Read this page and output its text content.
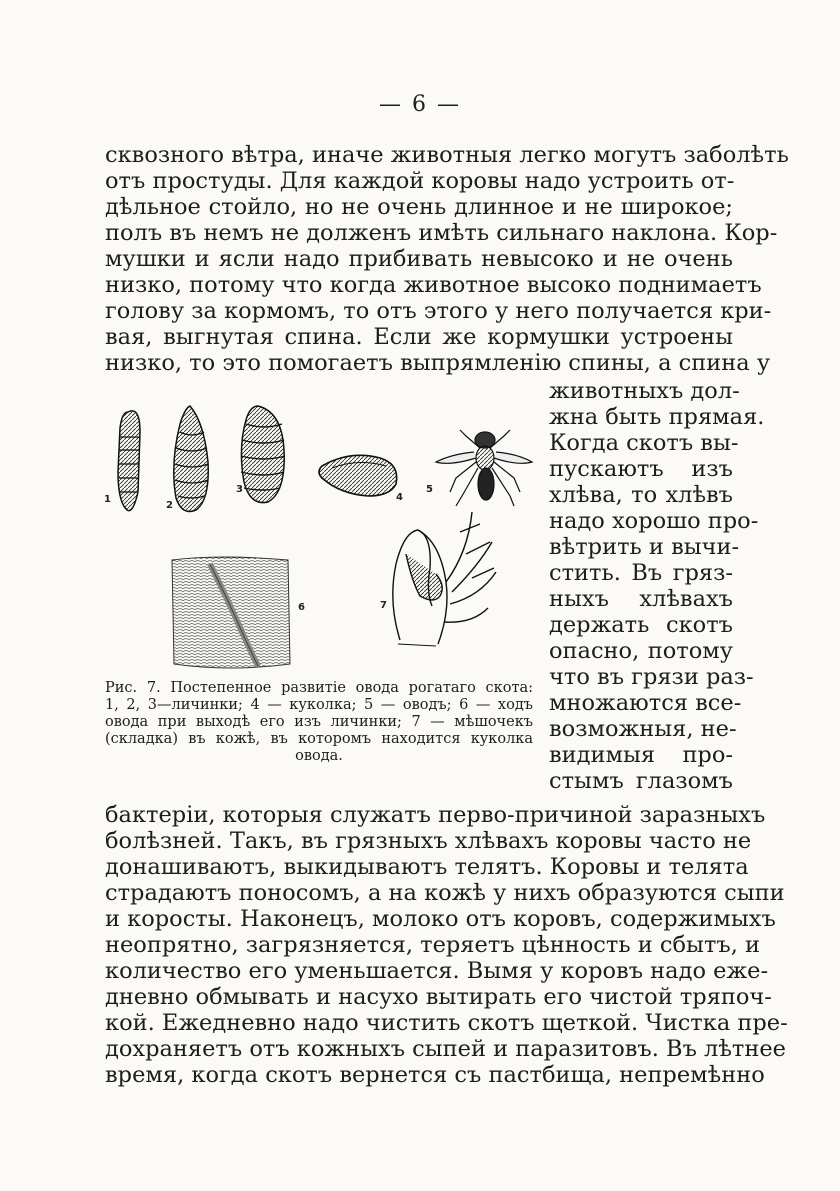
— 6 —
сквозного вѣтра, иначе животныя легко могутъ заболѣть
отъ простуды. Для каждой коровы надо устроить от-
дѣльное стойло, но не очень длинное и не широкое;
полъ въ немъ не долженъ имѣть сильнаго наклона. Кор-
мушки и ясли надо прибивать невысоко и не очень
низко, потому что когда животное высоко поднимаетъ
голову за кормомъ, то отъ этого у него получается кри-
вая, выгнутая спина. Если же кормушки устроены
низко, то это помогаетъ выпрямленiю спины, а спина у
животныхъ дол-
жна быть прямая.
Когда скотъ вы-
пускаютъ изъ
хлѣва, то хлѣвъ
надо хорошо про-
вѣтрить и вычи-
стить. Въ гряз-
ныхъ хлѣвахъ
держать скотъ
опасно, потому
что въ грязи раз-
множаются все-
возможныя, не-
видимыя про-
стымъ глазомъ
1
2
3
4
5
6	7
Рис. 7. Постепенное развитiе овода рогатаго скота:
1, 2, 3—личинки; 4 — куколка; 5 — оводъ; 6 — ходъ
овода при выходѣ его изъ личинки; 7 — мѣшочекъ
(складка) въ кожѣ, въ которомъ находится куколка
овода.
бактерiи, которыя служатъ перво-причиной заразныхъ
болѣзней. Такъ, въ грязныхъ хлѣвахъ коровы часто не
донашиваютъ, выкидываютъ телятъ. Коровы и телята
страдаютъ поносомъ, а на кожѣ у нихъ образуются сыпи
и коросты. Наконецъ, молоко отъ коровъ, содержимыхъ
неопрятно, загрязняется, теряетъ цѣнность и сбытъ, и
количество его уменьшается. Вымя у коровъ надо еже-
дневно обмывать и насухо вытирать его чистой тряпоч-
кой. Ежедневно надо чистить скотъ щеткой. Чистка пре-
дохраняетъ отъ кожныхъ сыпей и паразитовъ. Въ лѣтнее
время, когда скотъ вернется съ пастбища, непремѣнно
